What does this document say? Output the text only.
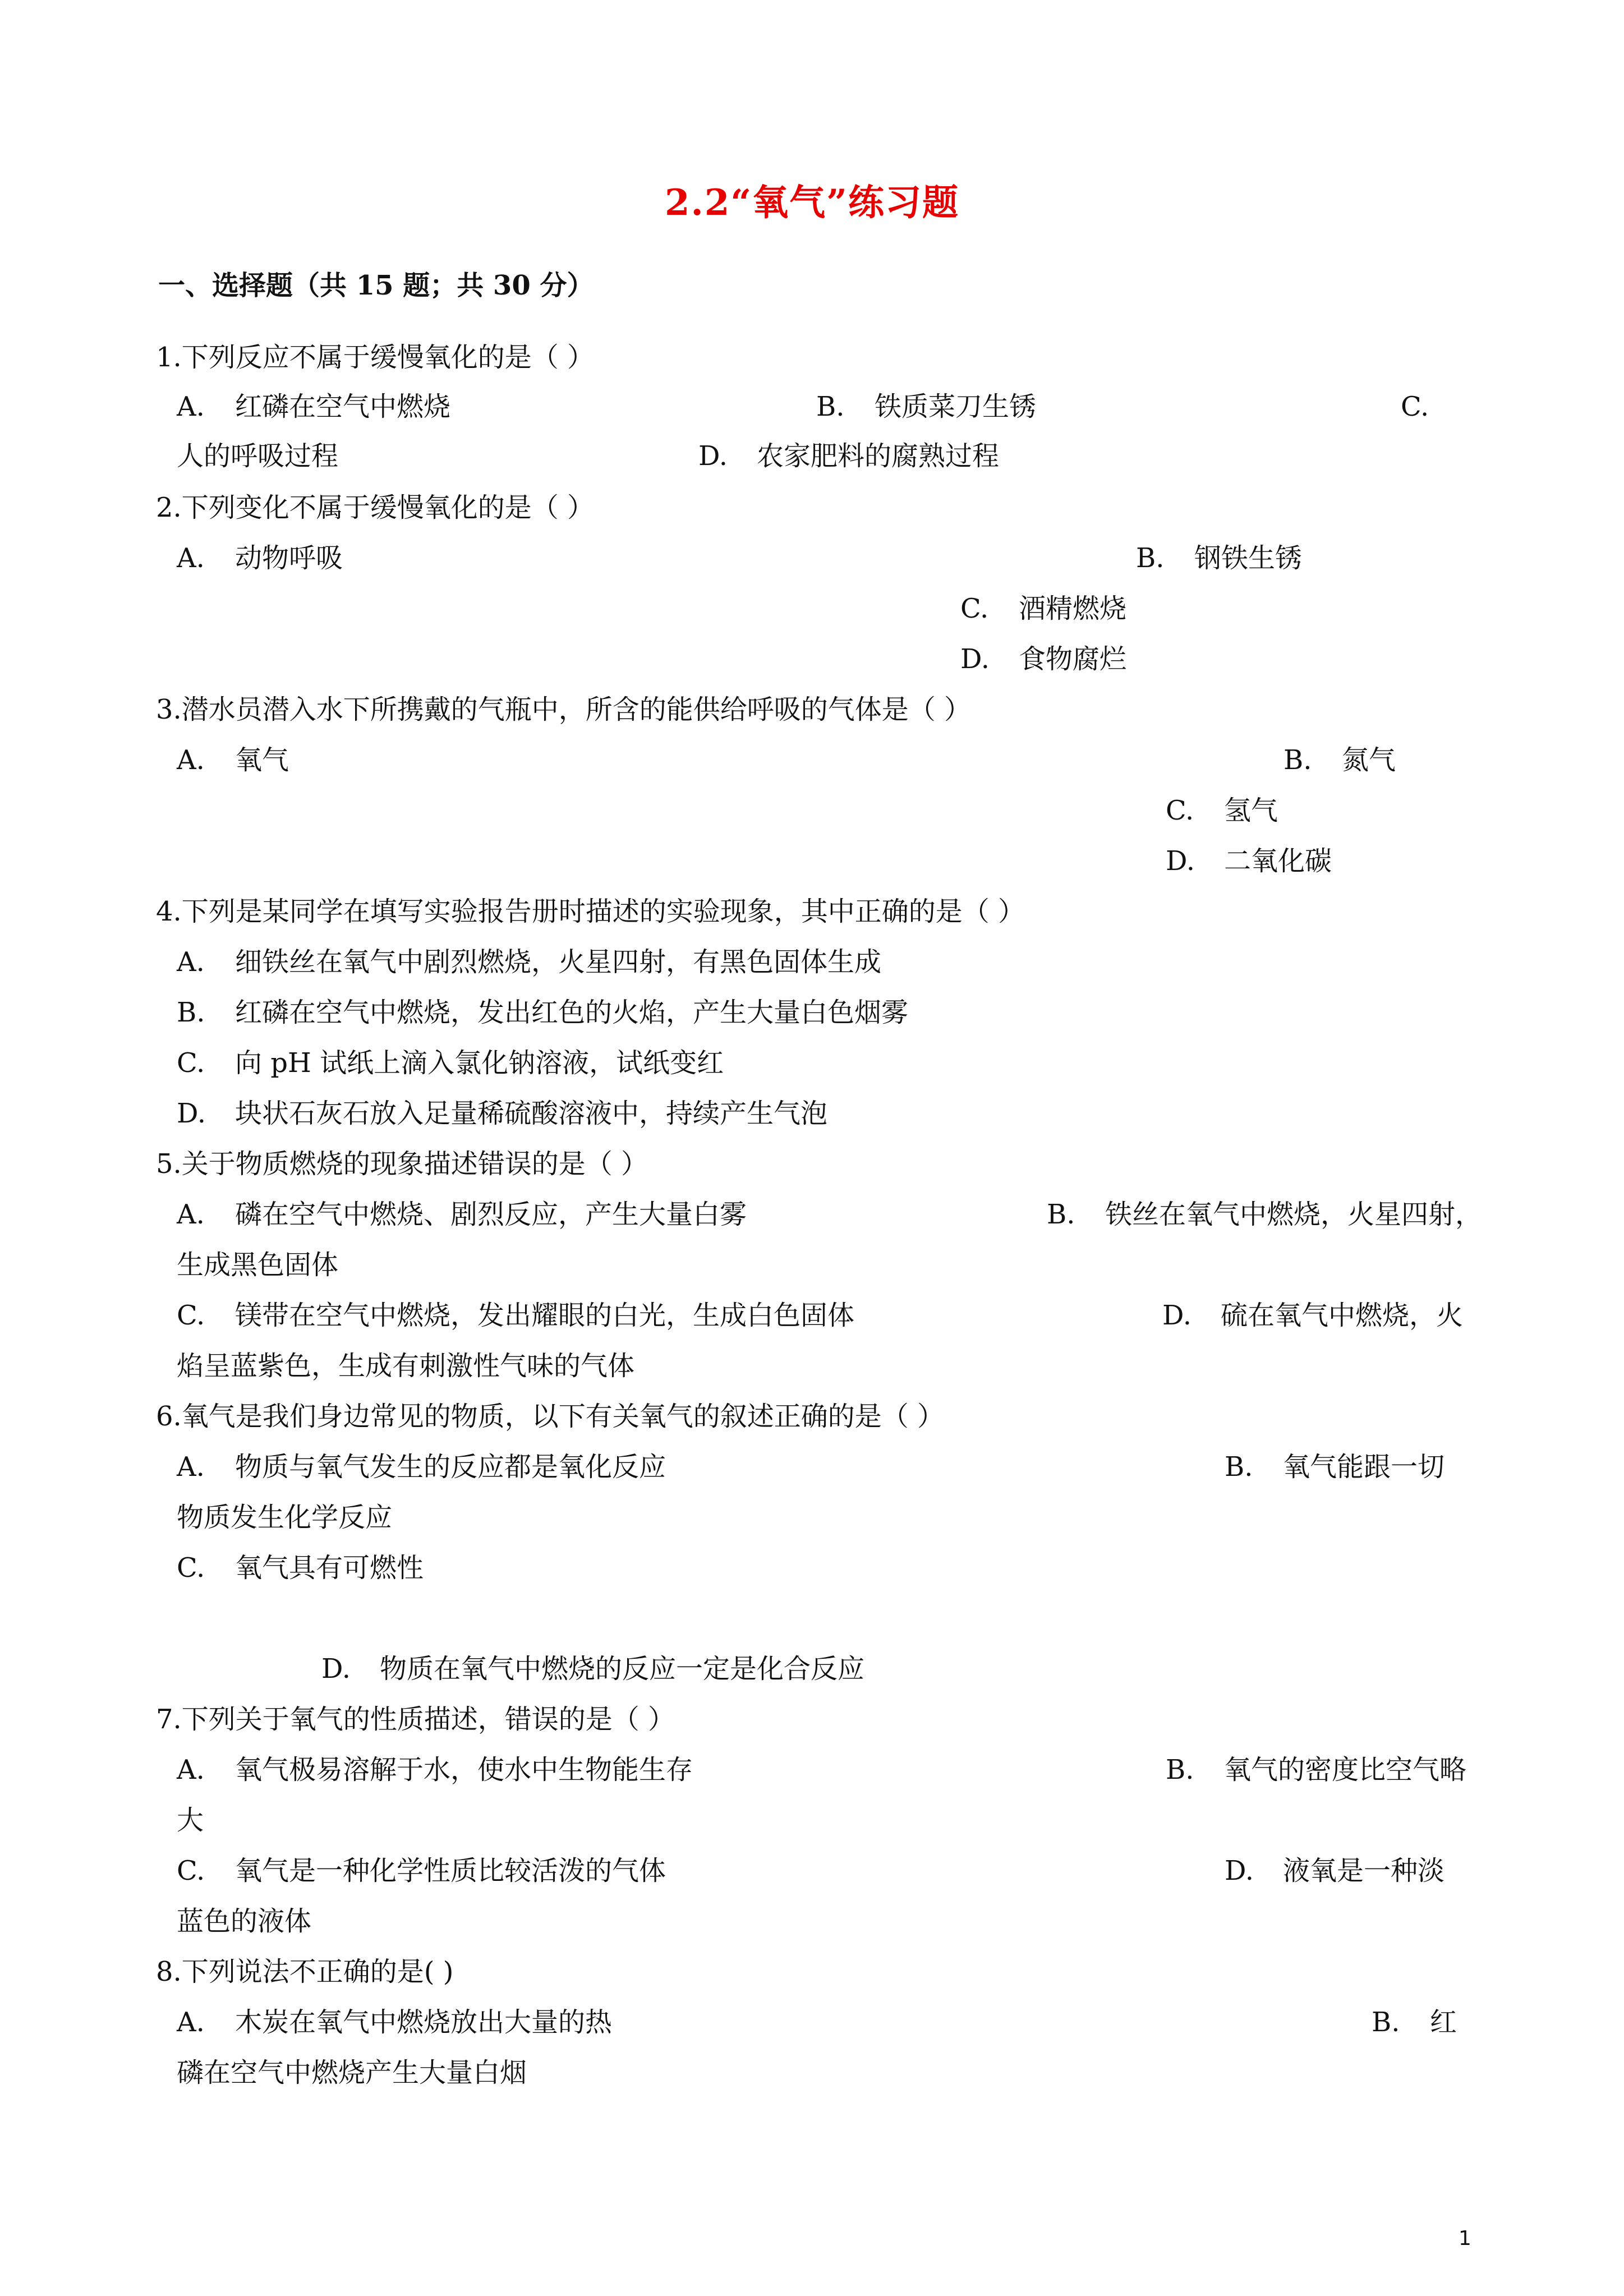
2.2“氧气”练习题
一、选择题（共 15 题；共 30 分）
1.下列反应不属于缓慢氧化的是（ ）
A. 红磷在空气中燃烧	B. 铁质菜刀生锈	C.
人的呼吸过程	D. 农家肥料的腐熟过程
2.下列变化不属于缓慢氧化的是（ ）
A. 动物呼吸	B. 钢铁生锈
C. 酒精燃烧
D. 食物腐烂
3.潜水员潜入水下所携戴的气瓶中，所含的能供给呼吸的气体是（ ）
A. 氧气	B. 氮气
C. 氢气
D. 二氧化碳
4.下列是某同学在填写实验报告册时描述的实验现象，其中正确的是（ ）
A. 细铁丝在氧气中剧烈燃烧，火星四射，有黑色固体生成
B. 红磷在空气中燃烧，发出红色的火焰，产生大量白色烟雾
C. 向 pH 试纸上滴入氯化钠溶液，试纸变红
D. 块状石灰石放入足量稀硫酸溶液中，持续产生气泡
5.关于物质燃烧的现象描述错误的是（ ）
A. 磷在空气中燃烧、剧烈反应，产生大量白雾	B. 铁丝在氧气中燃烧，火星四射，
生成黑色固体
C. 镁带在空气中燃烧，发出耀眼的白光，生成白色固体	D. 硫在氧气中燃烧，火
焰呈蓝紫色，生成有刺激性气味的气体
6.氧气是我们身边常见的物质，以下有关氧气的叙述正确的是（ ）
A. 物质与氧气发生的反应都是氧化反应	B. 氧气能跟一切
物质发生化学反应
C. 氧气具有可燃性
D. 物质在氧气中燃烧的反应一定是化合反应
7.下列关于氧气的性质描述，错误的是（ ）
A. 氧气极易溶解于水，使水中生物能生存	B. 氧气的密度比空气略
大
C. 氧气是一种化学性质比较活泼的气体	D. 液氧是一种淡
蓝色的液体
8.下列说法不正确的是( )
A. 木炭在氧气中燃烧放出大量的热	B. 红
磷在空气中燃烧产生大量白烟
1
